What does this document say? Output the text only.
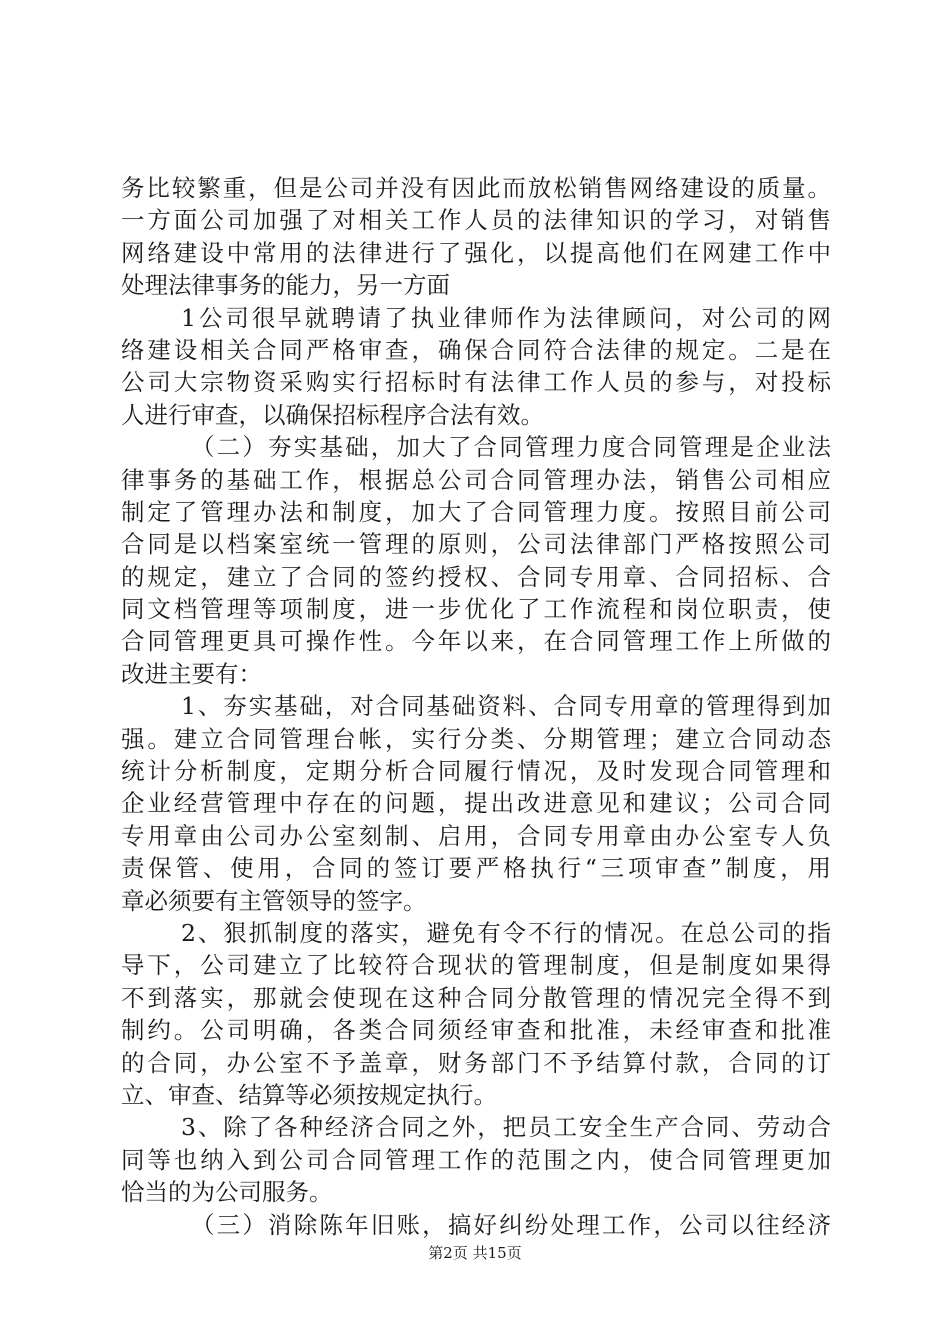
务比较繁重，但是公司并没有因此而放松销售网络建设的质量。
一方面公司加强了对相关工作人员的法律知识的学习，对销售
网络建设中常用的法律进行了强化，以提高他们在网建工作中
处理法律事务的能力，另一方面
1公司很早就聘请了执业律师作为法律顾问，对公司的网
络建设相关合同严格审查，确保合同符合法律的规定。二是在
公司大宗物资采购实行招标时有法律工作人员的参与，对投标
人进行审查，以确保招标程序合法有效。
（二）夯实基础，加大了合同管理力度合同管理是企业法
律事务的基础工作，根据总公司合同管理办法，销售公司相应
制定了管理办法和制度，加大了合同管理力度。按照目前公司
合同是以档案室统一管理的原则，公司法律部门严格按照公司
的规定，建立了合同的签约授权、合同专用章、合同招标、合
同文档管理等项制度，进一步优化了工作流程和岗位职责，使
合同管理更具可操作性。今年以来，在合同管理工作上所做的
改进主要有：
1、夯实基础，对合同基础资料、合同专用章的管理得到加
强。建立合同管理台帐，实行分类、分期管理；建立合同动态
统计分析制度，定期分析合同履行情况，及时发现合同管理和
企业经营管理中存在的问题，提出改进意见和建议；公司合同
专用章由公司办公室刻制、启用，合同专用章由办公室专人负
责保管、使用，合同的签订要严格执行“三项审查”制度，用
章必须要有主管领导的签字。
2、狠抓制度的落实，避免有令不行的情况。在总公司的指
导下，公司建立了比较符合现状的管理制度，但是制度如果得
不到落实，那就会使现在这种合同分散管理的情况完全得不到
制约。公司明确，各类合同须经审查和批准，未经审查和批准
的合同，办公室不予盖章，财务部门不予结算付款，合同的订
立、审查、结算等必须按规定执行。
3、除了各种经济合同之外，把员工安全生产合同、劳动合
同等也纳入到公司合同管理工作的范围之内，使合同管理更加
恰当的为公司服务。
（三）消除陈年旧账，搞好纠纷处理工作，公司以往经济
第2页 共15页
